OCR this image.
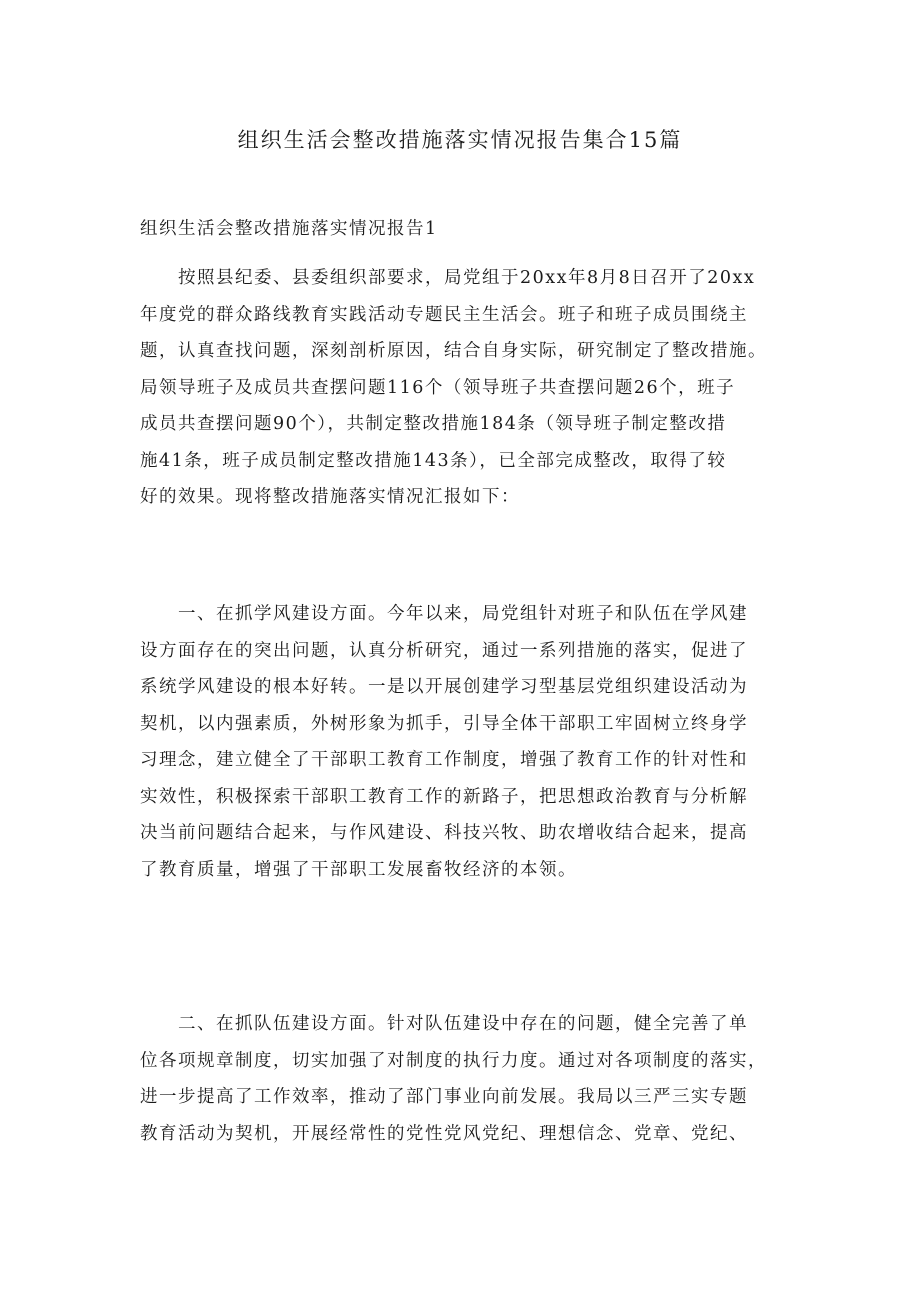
组织生活会整改措施落实情况报告集合15篇
组织生活会整改措施落实情况报告1
按照县纪委、县委组织部要求，局党组于20xx年8月8日召开了20xx
年度党的群众路线教育实践活动专题民主生活会。班子和班子成员围绕主
题，认真查找问题，深刻剖析原因，结合自身实际，研究制定了整改措施。
局领导班子及成员共查摆问题116个（领导班子共查摆问题26个，班子
成员共查摆问题90个），共制定整改措施184条（领导班子制定整改措
施41条，班子成员制定整改措施143条），已全部完成整改，取得了较
好的效果。现将整改措施落实情况汇报如下：
一、在抓学风建设方面。今年以来，局党组针对班子和队伍在学风建
设方面存在的突出问题，认真分析研究，通过一系列措施的落实，促进了
系统学风建设的根本好转。一是以开展创建学习型基层党组织建设活动为
契机，以内强素质，外树形象为抓手，引导全体干部职工牢固树立终身学
习理念，建立健全了干部职工教育工作制度，增强了教育工作的针对性和
实效性，积极探索干部职工教育工作的新路子，把思想政治教育与分析解
决当前问题结合起来，与作风建设、科技兴牧、助农增收结合起来，提高
了教育质量，增强了干部职工发展畜牧经济的本领。
二、在抓队伍建设方面。针对队伍建设中存在的问题，健全完善了单
位各项规章制度，切实加强了对制度的执行力度。通过对各项制度的落实，
进一步提高了工作效率，推动了部门事业向前发展。我局以三严三实专题
教育活动为契机，开展经常性的党性党风党纪、理想信念、党章、党纪、
